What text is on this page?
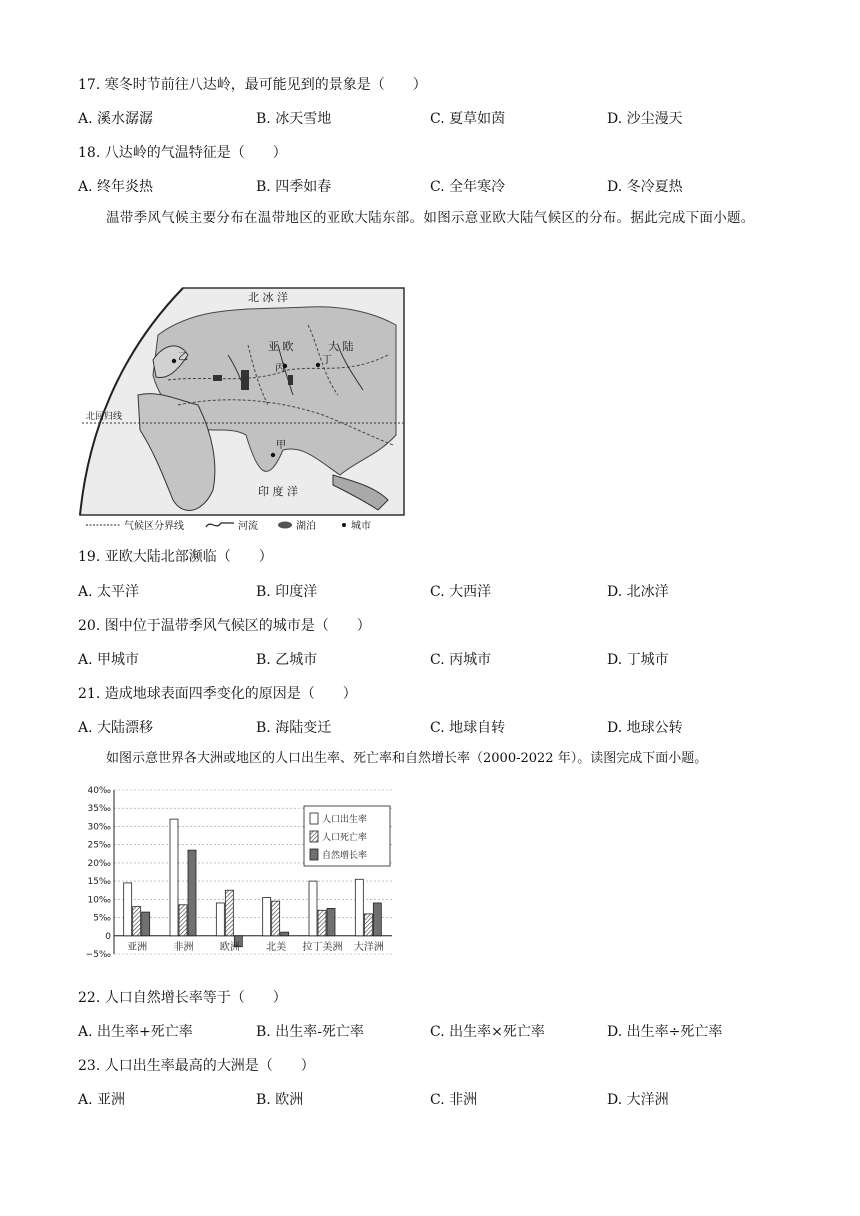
17. 寒冬时节前往八达岭，最可能见到的景象是（　　）
A. 溪水潺潺	B. 冰天雪地	C. 夏草如茵	D. 沙尘漫天
18. 八达岭的气温特征是（　　）
A. 终年炎热	B. 四季如春	C. 全年寒冷	D. 冬冷夏热
温带季风气候主要分布在温带地区的亚欧大陆东部。如图示意亚欧大陆气候区的分布。据此完成下面小题。
北 冰 洋
亚 欧	大 陆
印 度 洋
北回归线
乙
丙
甲
丁
气候区分界线	河流	湖泊	城市
19. 亚欧大陆北部濒临（　　）
A. 太平洋	B. 印度洋	C. 大西洋	D. 北冰洋
20. 图中位于温带季风气候区的城市是（　　）
A. 甲城市	B. 乙城市	C. 丙城市	D. 丁城市
21. 造成地球表面四季变化的原因是（　　）
A. 大陆漂移	B. 海陆变迁	C. 地球自转	D. 地球公转
如图示意世界各大洲或地区的人口出生率、死亡率和自然增长率（2000-2022 年）。读图完成下面小题。
40‰
35‰
30‰
25‰
20‰
15‰
10‰
5‰
0
−5‰
亚洲	非洲	欧洲	北美 拉丁美洲 大洋洲
人口出生率
人口死亡率
自然增长率
22. 人口自然增长率等于（　　）
A. 出生率+死亡率	B. 出生率-死亡率	C. 出生率×死亡率	D. 出生率÷死亡率
23. 人口出生率最高的大洲是（　　）
A. 亚洲	B. 欧洲	C. 非洲	D. 大洋洲
